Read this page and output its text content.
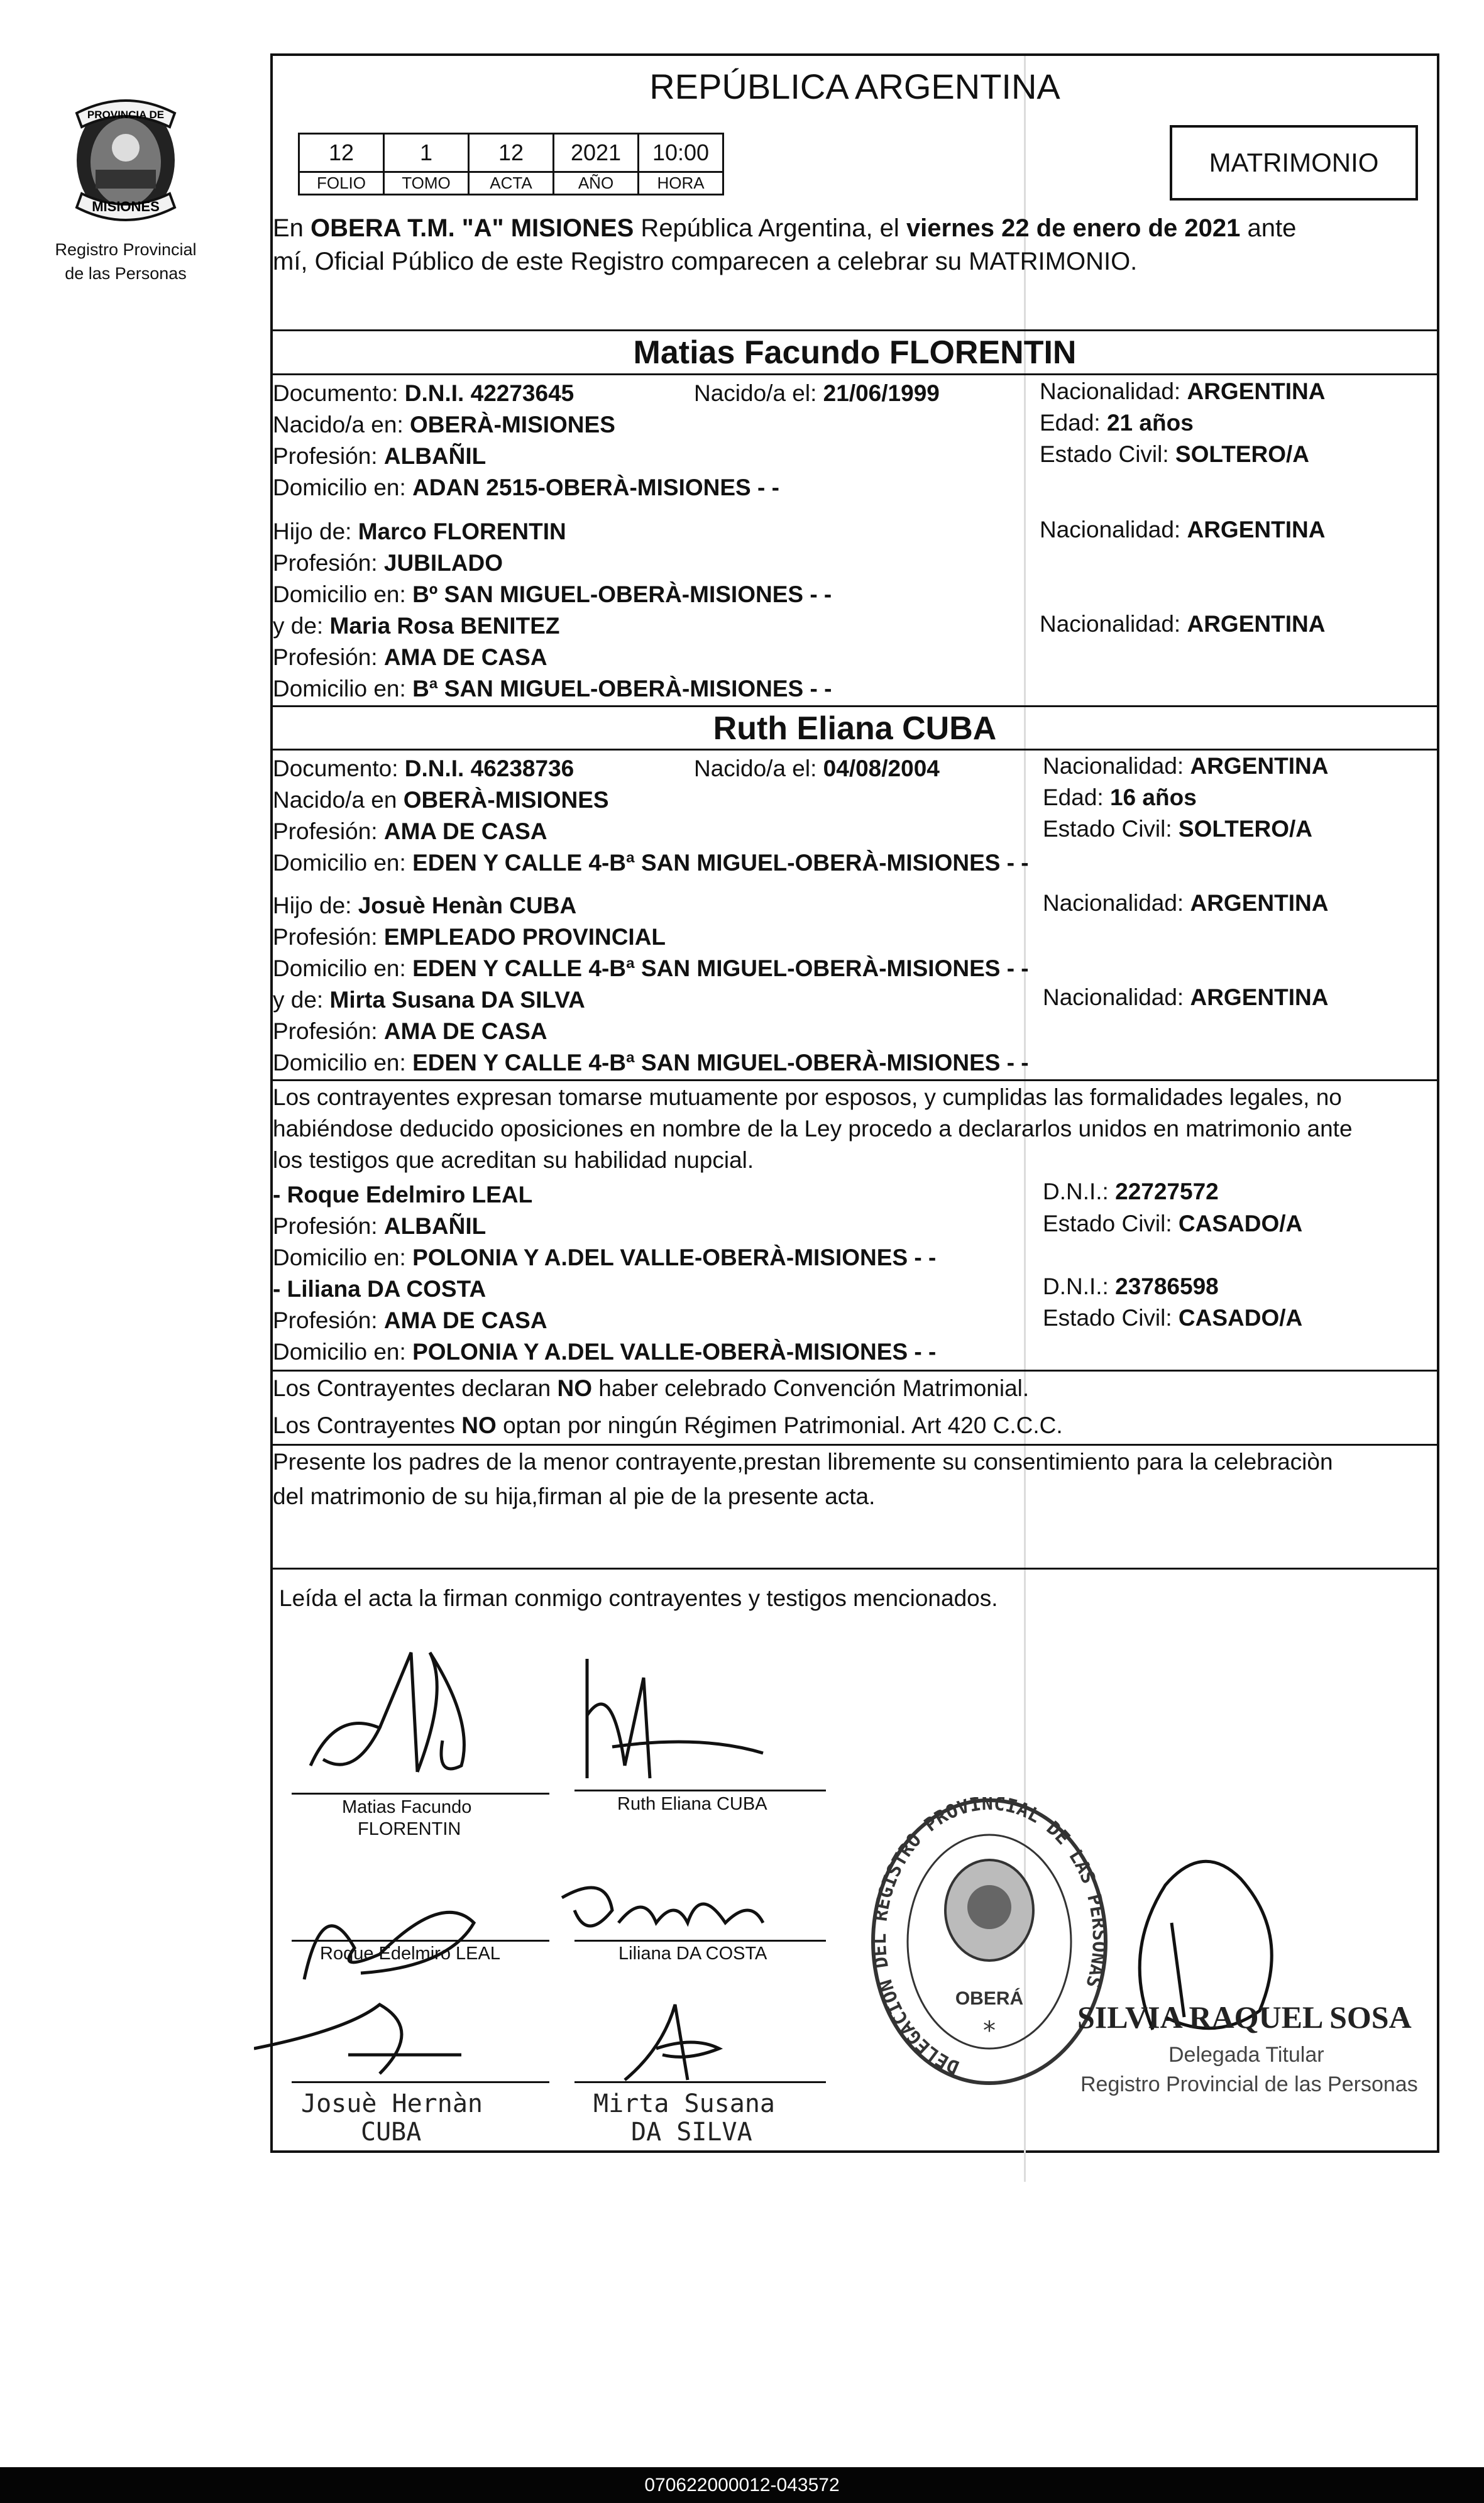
PROVINCIA DE
MISIONES
Registro Provincial
de las Personas
REPÚBLICA ARGENTINA
12	1	12	2021	10:00
FOLIO	TOMO	ACTA	AÑO	HORA
MATRIMONIO
En OBERA T.M. "A" MISIONES República Argentina, el viernes 22 de enero de 2021 ante
mí, Oficial Público de este Registro comparecen a celebrar su MATRIMONIO.
Matias Facundo FLORENTIN
Documento: D.N.I. 42273645	Nacido/a el: 21/06/1999	Nacionalidad: ARGENTINA
Nacido/a en: OBERÀ-MISIONES	Edad: 21 años
Profesión: ALBAÑIL	Estado Civil: SOLTERO/A
Domicilio en: ADAN 2515-OBERÀ-MISIONES - -
Hijo de: Marco FLORENTIN	Nacionalidad: ARGENTINA
Profesión: JUBILADO
Domicilio en: Bº SAN MIGUEL-OBERÀ-MISIONES - -
y de: Maria Rosa BENITEZ	Nacionalidad: ARGENTINA
Profesión: AMA DE CASA
Domicilio en: Bª SAN MIGUEL-OBERÀ-MISIONES - -
Ruth Eliana CUBA
Documento: D.N.I. 46238736	Nacido/a el: 04/08/2004	Nacionalidad: ARGENTINA
Nacido/a en OBERÀ-MISIONES	Edad: 16 años
Profesión: AMA DE CASA	Estado Civil: SOLTERO/A
Domicilio en: EDEN Y CALLE 4-Bª SAN MIGUEL-OBERÀ-MISIONES - -
Hijo de: Josuè Henàn CUBA	Nacionalidad: ARGENTINA
Profesión: EMPLEADO PROVINCIAL
Domicilio en: EDEN Y CALLE 4-Bª SAN MIGUEL-OBERÀ-MISIONES - -
y de: Mirta Susana DA SILVA	Nacionalidad: ARGENTINA
Profesión: AMA DE CASA
Domicilio en: EDEN Y CALLE 4-Bª SAN MIGUEL-OBERÀ-MISIONES - -
Los contrayentes expresan tomarse mutuamente por esposos, y cumplidas las formalidades legales, no
habiéndose deducido oposiciones en nombre de la Ley procedo a declararlos unidos en matrimonio ante
los testigos que acreditan su habilidad nupcial.
- Roque Edelmiro LEAL	D.N.I.: 22727572
Profesión: ALBAÑIL	Estado Civil: CASADO/A
Domicilio en: POLONIA Y A.DEL VALLE-OBERÀ-MISIONES - -
- Liliana DA COSTA	D.N.I.: 23786598
Profesión: AMA DE CASA	Estado Civil: CASADO/A
Domicilio en: POLONIA Y A.DEL VALLE-OBERÀ-MISIONES - -
Los Contrayentes declaran NO haber celebrado Convención Matrimonial.
Los Contrayentes NO optan por ningún Régimen Patrimonial. Art 420 C.C.C.
Presente los padres de la menor contrayente,prestan libremente su consentimiento para la celebraciòn
del matrimonio de su hija,firman al pie de la presente acta.
Leída el acta la firman conmigo contrayentes y testigos mencionados.
Matias Facundo
FLORENTIN
Ruth Eliana CUBA
Roque Edelmiro LEAL	Liliana DA COSTA
Josuè Hernàn
CUBA
Mirta Susana
DA SILVA
DELEGACION DEL REGISTRO PROVINCIAL DE LAS PERSONAS
OBERÁ
*	SILVIA RAQUEL SOSA
Delegada Titular
Registro Provincial de las Personas
070622000012-043572
